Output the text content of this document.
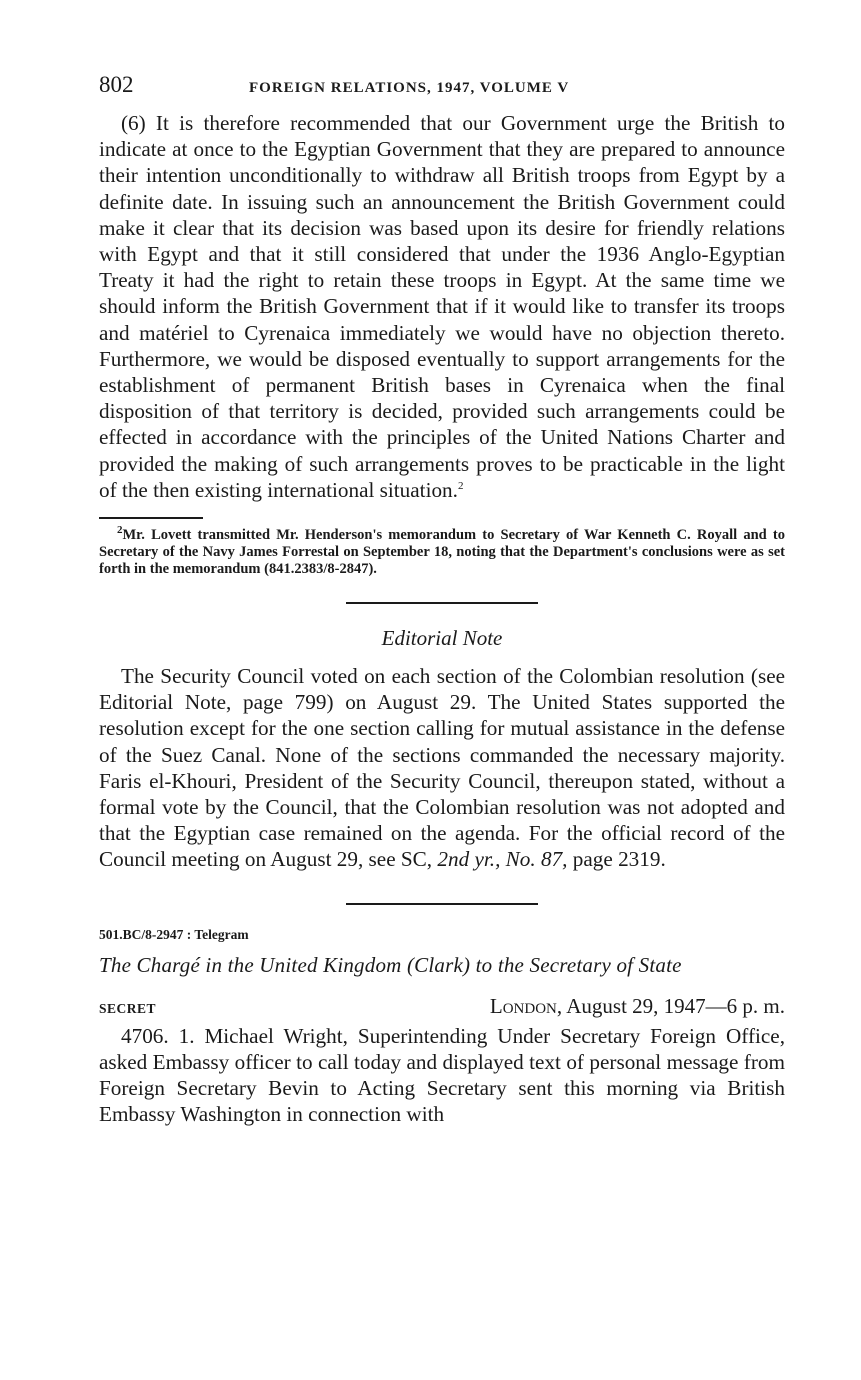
802	FOREIGN RELATIONS, 1947, VOLUME V

(6) It is therefore recommended that our Government urge the British to indicate at once to the Egyptian Government that they are prepared to announce their intention unconditionally to withdraw all British troops from Egypt by a definite date. In issuing such an announcement the British Government could make it clear that its decision was based upon its desire for friendly relations with Egypt and that it still considered that under the 1936 Anglo-Egyptian Treaty it had the right to retain these troops in Egypt. At the same time we should inform the British Government that if it would like to transfer its troops and matériel to Cyrenaica immediately we would have no objection thereto. Furthermore, we would be disposed eventually to support arrangements for the establishment of permanent British bases in Cyrenaica when the final disposition of that territory is decided, provided such arrangements could be effected in accordance with the principles of the United Nations Charter and provided the making of such arrangements proves to be practicable in the light of the then existing international situation.$^2$

$^2$Mr. Lovett transmitted Mr. Henderson's memorandum to Secretary of War Kenneth C. Royall and to Secretary of the Navy James Forrestal on September 18, noting that the Department's conclusions were as set forth in the memorandum (841.2383/8-2847).

Editorial Note

The Security Council voted on each section of the Colombian resolution (see Editorial Note, page 799) on August 29. The United States supported the resolution except for the one section calling for mutual assistance in the defense of the Suez Canal. None of the sections commanded the necessary majority. Faris el-Khouri, President of the Security Council, thereupon stated, without a formal vote by the Council, that the Colombian resolution was not adopted and that the Egyptian case remained on the agenda. For the official record of the Council meeting on August 29, see SC, 2nd yr., No. 87, page 2319.

501.BC/8-2947 : Telegram

The Chargé in the United Kingdom (Clark) to the Secretary of State

SECRET	London, August 29, 1947—6 p. m.

4706. 1. Michael Wright, Superintending Under Secretary Foreign Office, asked Embassy officer to call today and displayed text of personal message from Foreign Secretary Bevin to Acting Secretary sent this morning via British Embassy Washington in connection with
